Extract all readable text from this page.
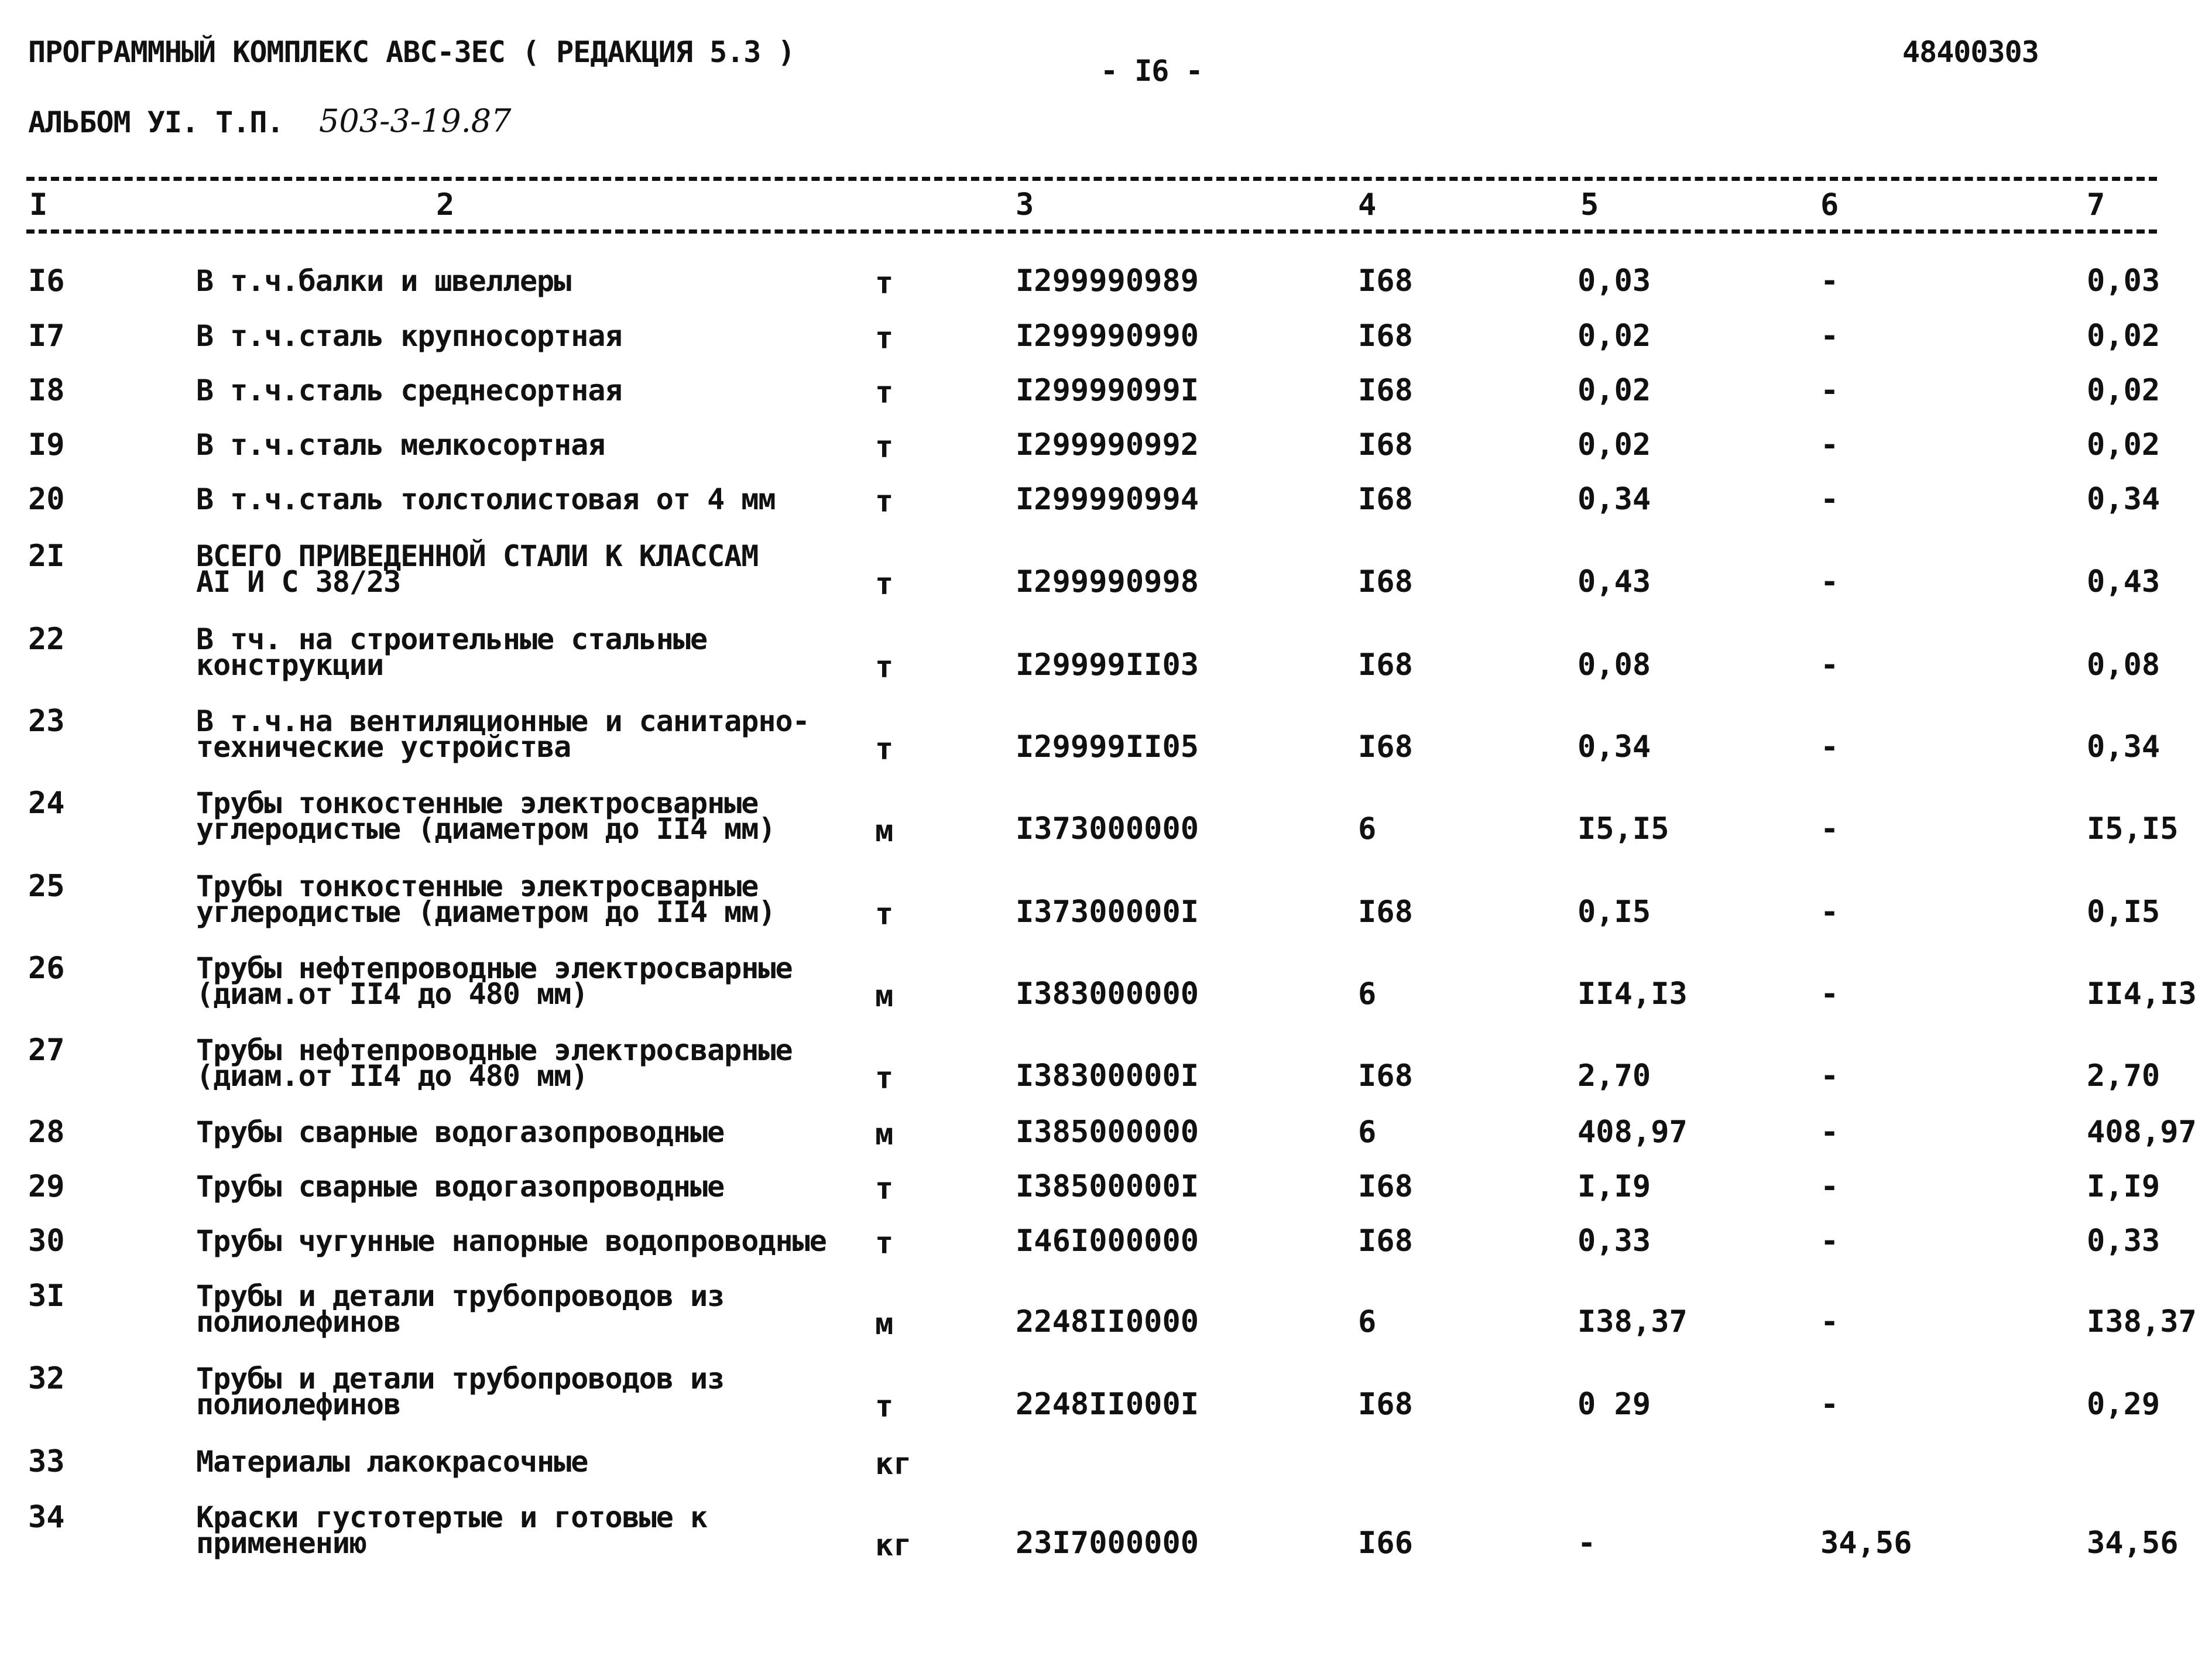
ПРОГРАММНЫЙ КОМПЛЕКС АВС-ЗЕС ( РЕДАКЦИЯ 5.3 )
- I6 -
48400303
АЛЬБОМ УI. Т.П. 503-3-19.87
I	2	3	4	5	6	7
I6	В т.ч.балки и швеллеры	т	I299990989	I68	0,03	-	0,03
I7	В т.ч.сталь крупносортная	т	I299990990	I68	0,02	-	0,02
I8	В т.ч.сталь среднесортная	т	I29999099I	I68	0,02	-	0,02
I9	В т.ч.сталь мелкосортная	т	I299990992	I68	0,02	-	0,02
20	В т.ч.сталь толстолистовая от 4 мм	т	I299990994	I68	0,34	-	0,34
2I	ВСЕГО ПРИВЕДЕННОЙ СТАЛИ К КЛАССАМ
AI И С 38/23	т	I299990998	I68	0,43	-	0,43
22	В тч. на строительные стальные
конструкции	т	I29999II03	I68	0,08	-	0,08
23	В т.ч.на вентиляционные и санитарно-
технические устройства	т	I29999II05	I68	0,34	-	0,34
24	Трубы тонкостенные электросварные
углеродистые (диаметром до II4 мм)	м	I373000000	6	I5,I5	-	I5,I5
25	Трубы тонкостенные электросварные
углеродистые (диаметром до II4 мм)	т	I37300000I	I68	0,I5	-	0,I5
26	Трубы нефтепроводные электросварные
(диам.от II4 до 480 мм)	м	I383000000	6	II4,I3	-	II4,I3
27	Трубы нефтепроводные электросварные
(диам.от II4 до 480 мм)	т	I38300000I	I68	2,70	-	2,70
28	Трубы сварные водогазопроводные	м	I385000000	6	408,97	-	408,97
29	Трубы сварные водогазопроводные	т	I38500000I	I68	I,I9	-	I,I9
30	Трубы чугунные напорные водопроводные т	I46I000000	I68	0,33	-	0,33
3I	Трубы и детали трубопроводов из
полиолефинов	м	2248II0000	6	I38,37	-	I38,37
32	Трубы и детали трубопроводов из
полиолефинов	т	2248II000I	I68	0 29	-	0,29
33	Материалы лакокрасочные	кг
34	Краски густотертые и готовые к
применению	кг	23I7000000	I66	-	34,56	34,56
